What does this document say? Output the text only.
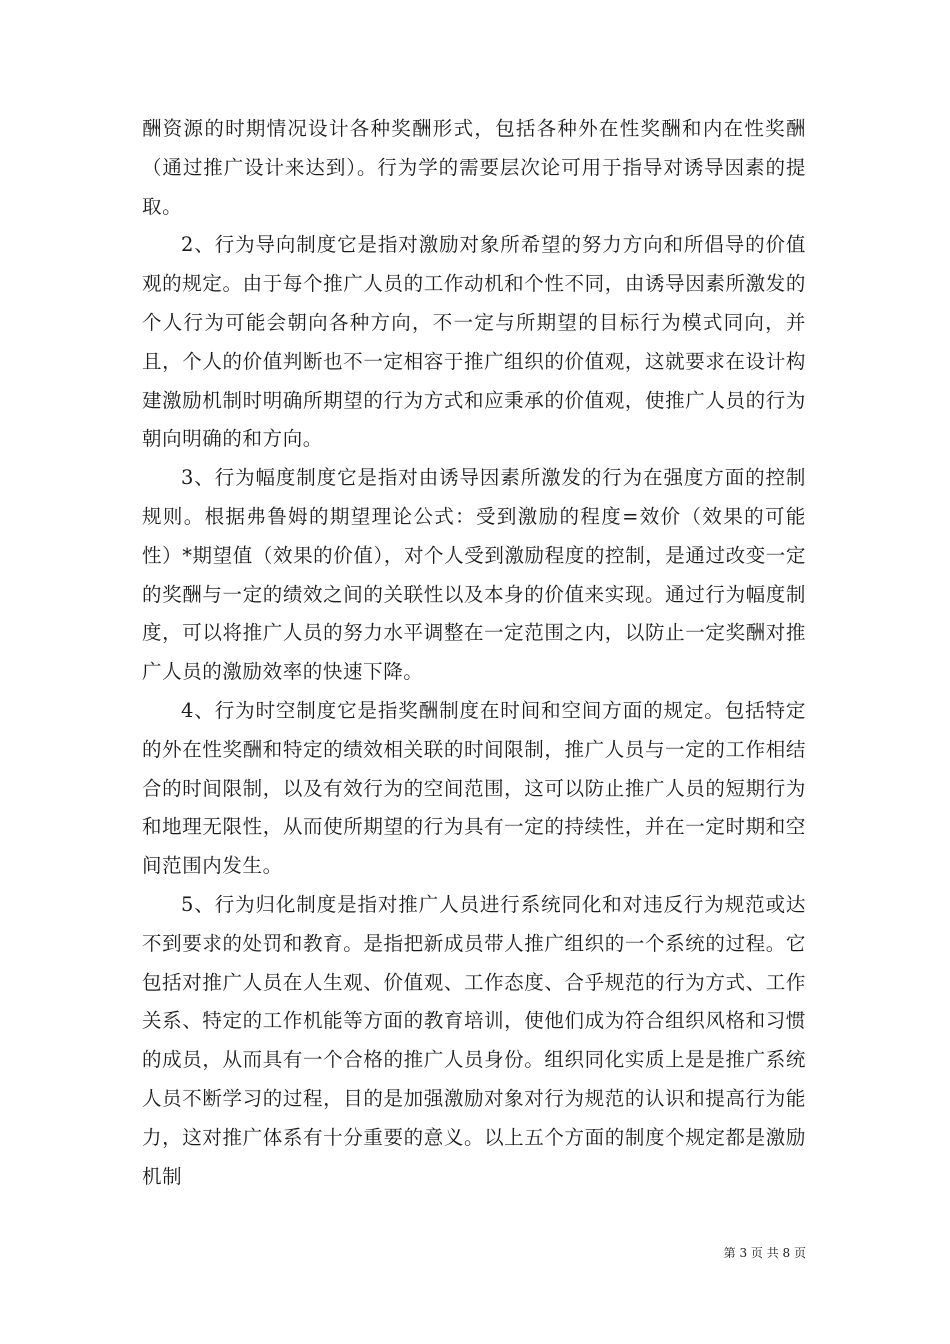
酬资源的时期情况设计各种奖酬形式，包括各种外在性奖酬和内在性奖酬（通过推广设计来达到）。行为学的需要层次论可用于指导对诱导因素的提取。

2、行为导向制度它是指对激励对象所希望的努力方向和所倡导的价值观的规定。由于每个推广人员的工作动机和个性不同，由诱导因素所激发的个人行为可能会朝向各种方向，不一定与所期望的目标行为模式同向，并且，个人的价值判断也不一定相容于推广组织的价值观，这就要求在设计构建激励机制时明确所期望的行为方式和应秉承的价值观，使推广人员的行为朝向明确的和方向。

3、行为幅度制度它是指对由诱导因素所激发的行为在强度方面的控制规则。根据弗鲁姆的期望理论公式：受到激励的程度=效价（效果的可能性）*期望值（效果的价值），对个人受到激励程度的控制，是通过改变一定的奖酬与一定的绩效之间的关联性以及本身的价值来实现。通过行为幅度制度，可以将推广人员的努力水平调整在一定范围之内，以防止一定奖酬对推广人员的激励效率的快速下降。

4、行为时空制度它是指奖酬制度在时间和空间方面的规定。包括特定的外在性奖酬和特定的绩效相关联的时间限制，推广人员与一定的工作相结合的时间限制，以及有效行为的空间范围，这可以防止推广人员的短期行为和地理无限性，从而使所期望的行为具有一定的持续性，并在一定时期和空间范围内发生。

5、行为归化制度是指对推广人员进行系统同化和对违反行为规范或达不到要求的处罚和教育。是指把新成员带人推广组织的一个系统的过程。它包括对推广人员在人生观、价值观、工作态度、合乎规范的行为方式、工作关系、特定的工作机能等方面的教育培训，使他们成为符合组织风格和习惯的成员，从而具有一个合格的推广人员身份。组织同化实质上是是推广系统人员不断学习的过程，目的是加强激励对象对行为规范的认识和提高行为能力，这对推广体系有十分重要的意义。以上五个方面的制度个规定都是激励机制

第 3 页 共 8 页
